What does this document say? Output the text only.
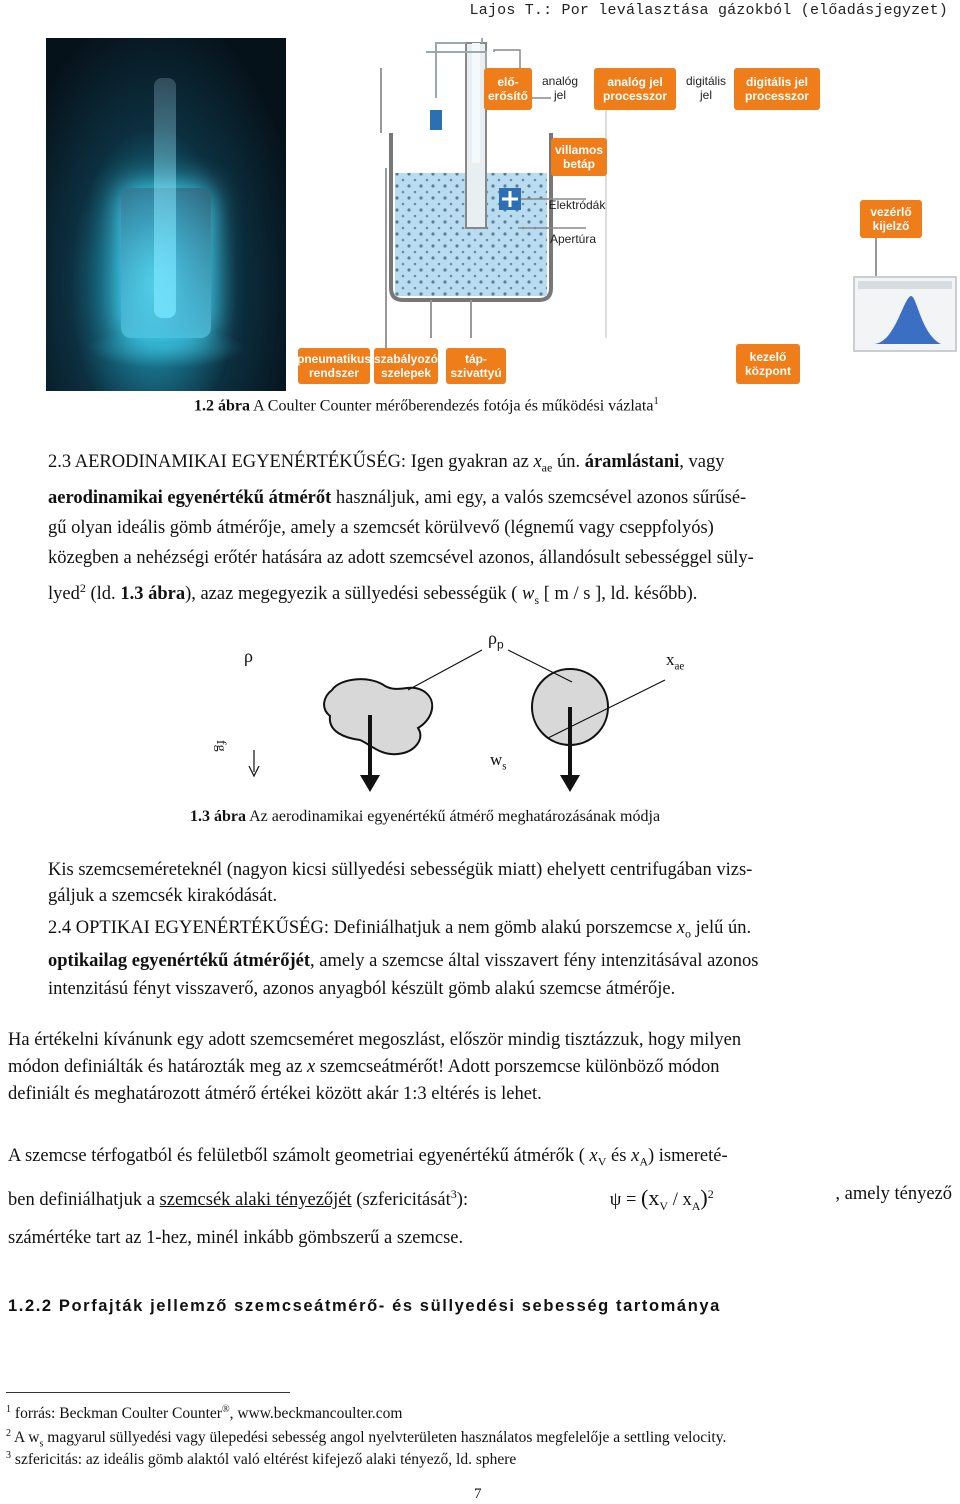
Lajos T.: Por leválasztása gázokból (előadásjegyzet)
elő-
erősítő
analóg
jel
analóg jel
processzor
digitális
jel
digitális jel
processzor
villamos
betáp
Elektródák
Apertúra
vezérlő
kijelző
pneumatikus
rendszer
szabályozó
szelepek
táp-
szivattyú
kezelő
központ
1.2 ábra A Coulter Counter mérőberendezés fotója és működési vázlata$^1$
2.3 AERODINAMIKAI EGYENÉRTÉKŰSÉG: Igen gyakran az $x_{ae}$ ún. áramlástani, vagy
aerodinamikai egyenértékű átmérőt használjuk, ami egy, a valós szemcsével azonos sűrűsé-
gű olyan ideális gömb átmérője, amely a szemcsét körülvevő (légnemű vagy cseppfolyós)
közegben a nehézségi erőtér hatására az adott szemcsével azonos, állandósult sebességgel süly-
lyed$^2$ (ld. 1.3 ábra), azaz megegyezik a süllyedési sebességük ( $w_s$ [ m / s ], ld. később).
ρ
$\rho_p$
$x_{ae}$
fg
$w_s$
1.3 ábra Az aerodinamikai egyenértékű átmérő meghatározásának módja
Kis szemcseméreteknél (nagyon kicsi süllyedési sebességük miatt) ehelyett centrifugában vizs-
gáljuk a szemcsék kirakódását.
2.4 OPTIKAI EGYENÉRTÉKŰSÉG: Definiálhatjuk a nem gömb alakú porszemcse $x_o$ jelű ún.
optikailag egyenértékű átmérőjét, amely a szemcse által visszavert fény intenzitásával azonos
intenzitású fényt visszaverő, azonos anyagból készült gömb alakú szemcse átmérője.
Ha értékelni kívánunk egy adott szemcseméret megoszlást, először mindig tisztázzuk, hogy milyen
módon definiálták és határozták meg az x szemcseátmérőt! Adott porszemcse különböző módon
definiált és meghatározott átmérő értékei között akár 1:3 eltérés is lehet.
A szemcse térfogatból és felületből számolt geometriai egyenértékű átmérők ( $x_V$ és $x_A$) ismereté-
ben definiálhatjuk a szemcsék alaki tényezőjét (szfericitását$^3$):	$\psi = (x_V / x_A)^2$	, amely tényező
számértéke tart az 1-hez, minél inkább gömbszerű a szemcse.
1.2.2 Porfajták jellemző szemcseátmérő- és süllyedési sebesség tartománya
$^1$ forrás: Beckman Coulter Counter®, www.beckmancoulter.com
$^2$ A $w_s$ magyarul süllyedési vagy ülepedési sebesség angol nyelvterületen használatos megfelelője a settling velocity.
$^3$ szfericitás: az ideális gömb alaktól való eltérést kifejező alaki tényező, ld. sphere
7
